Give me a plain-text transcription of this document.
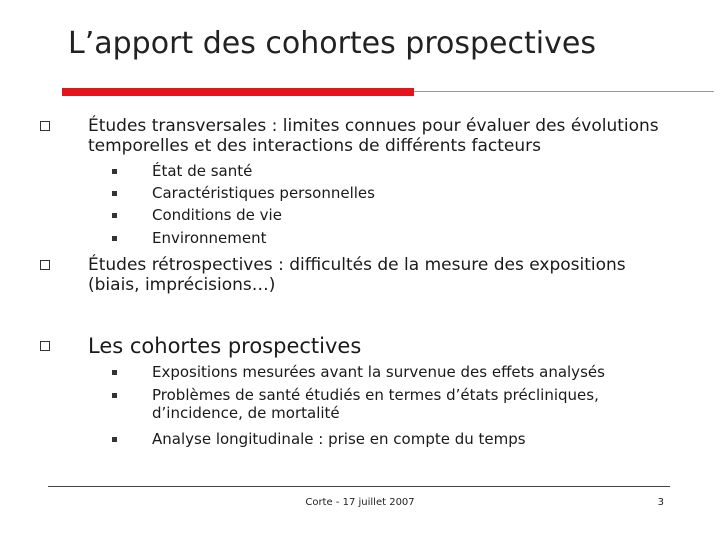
L’apport des cohortes prospectives
Études transversales : limites connues pour évaluer des évolutions temporelles et des interactions de différents facteurs
État de santé
Caractéristiques personnelles
Conditions de vie
Environnement
Études rétrospectives : difficultés de la mesure des expositions (biais, imprécisions…)
Les cohortes prospectives
Expositions mesurées avant la survenue des effets analysés
Problèmes de santé étudiés en termes d’états précliniques, d’incidence, de mortalité
Analyse longitudinale : prise en compte du temps
Corte - 17 juillet 2007	3
